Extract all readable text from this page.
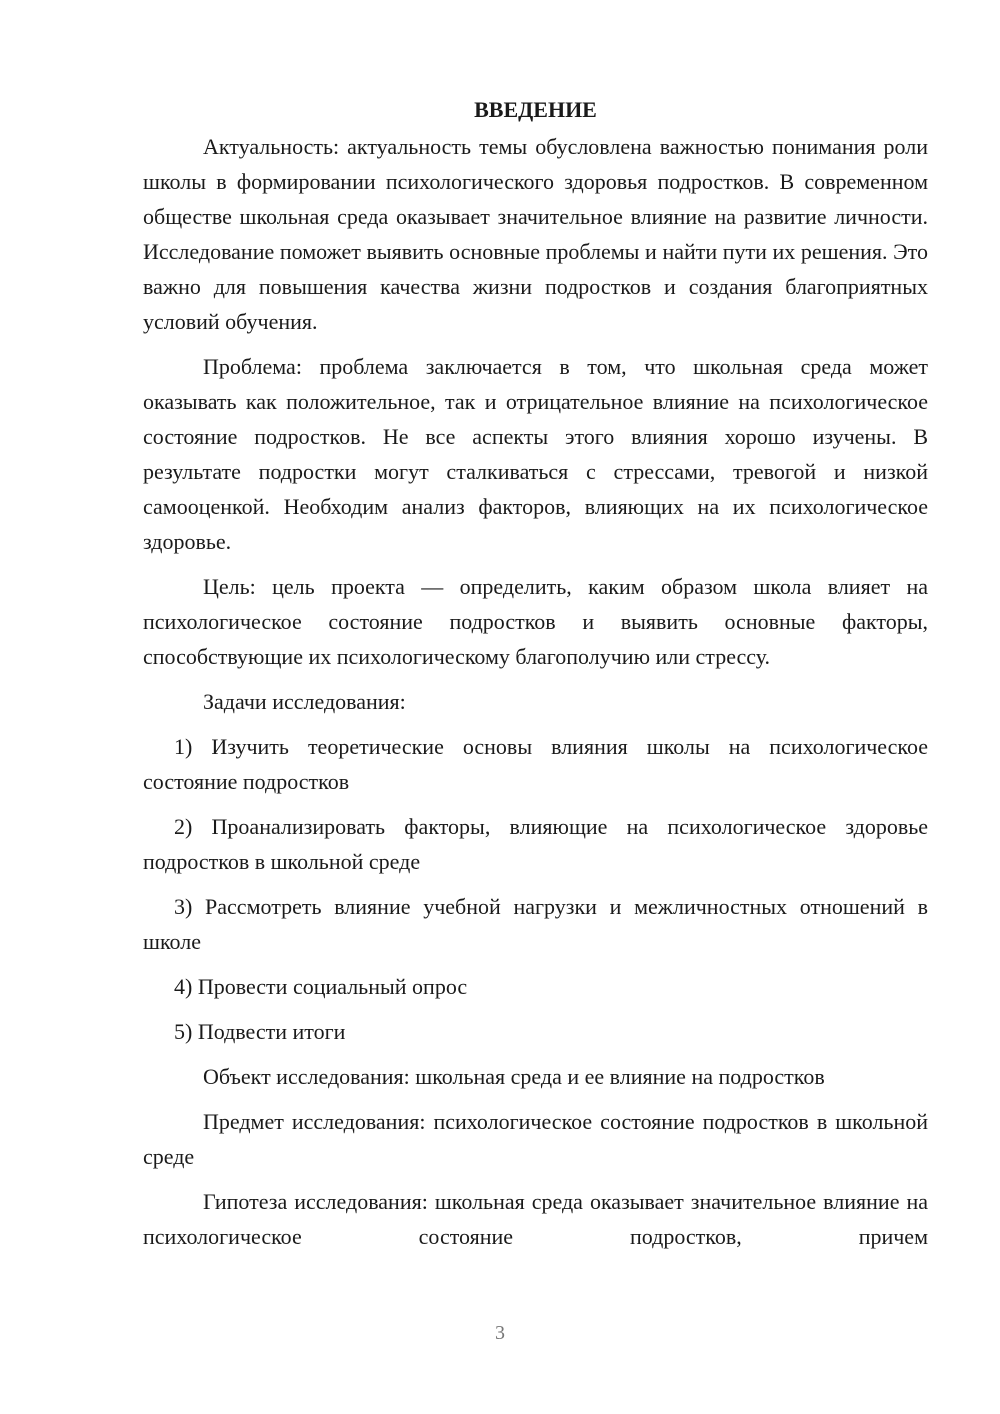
ВВЕДЕНИЕ

Актуальность: актуальность темы обусловлена важностью понимания роли школы в формировании психологического здоровья подростков. В современном обществе школьная среда оказывает значительное влияние на развитие личности. Исследование поможет выявить основные проблемы и найти пути их решения. Это важно для повышения качества жизни подростков и создания благоприятных условий обучения.

Проблема: проблема заключается в том, что школьная среда может оказывать как положительное, так и отрицательное влияние на психологическое состояние подростков. Не все аспекты этого влияния хорошо изучены. В результате подростки могут сталкиваться с стрессами, тревогой и низкой самооценкой. Необходим анализ факторов, влияющих на их психологическое здоровье.

Цель: цель проекта — определить, каким образом школа влияет на психологическое состояние подростков и выявить основные факторы, способствующие их психологическому благополучию или стрессу.

Задачи исследования:

1) Изучить теоретические основы влияния школы на психологическое состояние подростков

2) Проанализировать факторы, влияющие на психологическое здоровье подростков в школьной среде

3) Рассмотреть влияние учебной нагрузки и межличностных отношений в школе

4) Провести социальный опрос

5) Подвести итоги

Объект исследования: школьная среда и ее влияние на подростков

Предмет исследования: психологическое состояние подростков в школьной среде

Гипотеза исследования: школьная среда оказывает значительное влияние на психологическое состояние подростков, причем

3
